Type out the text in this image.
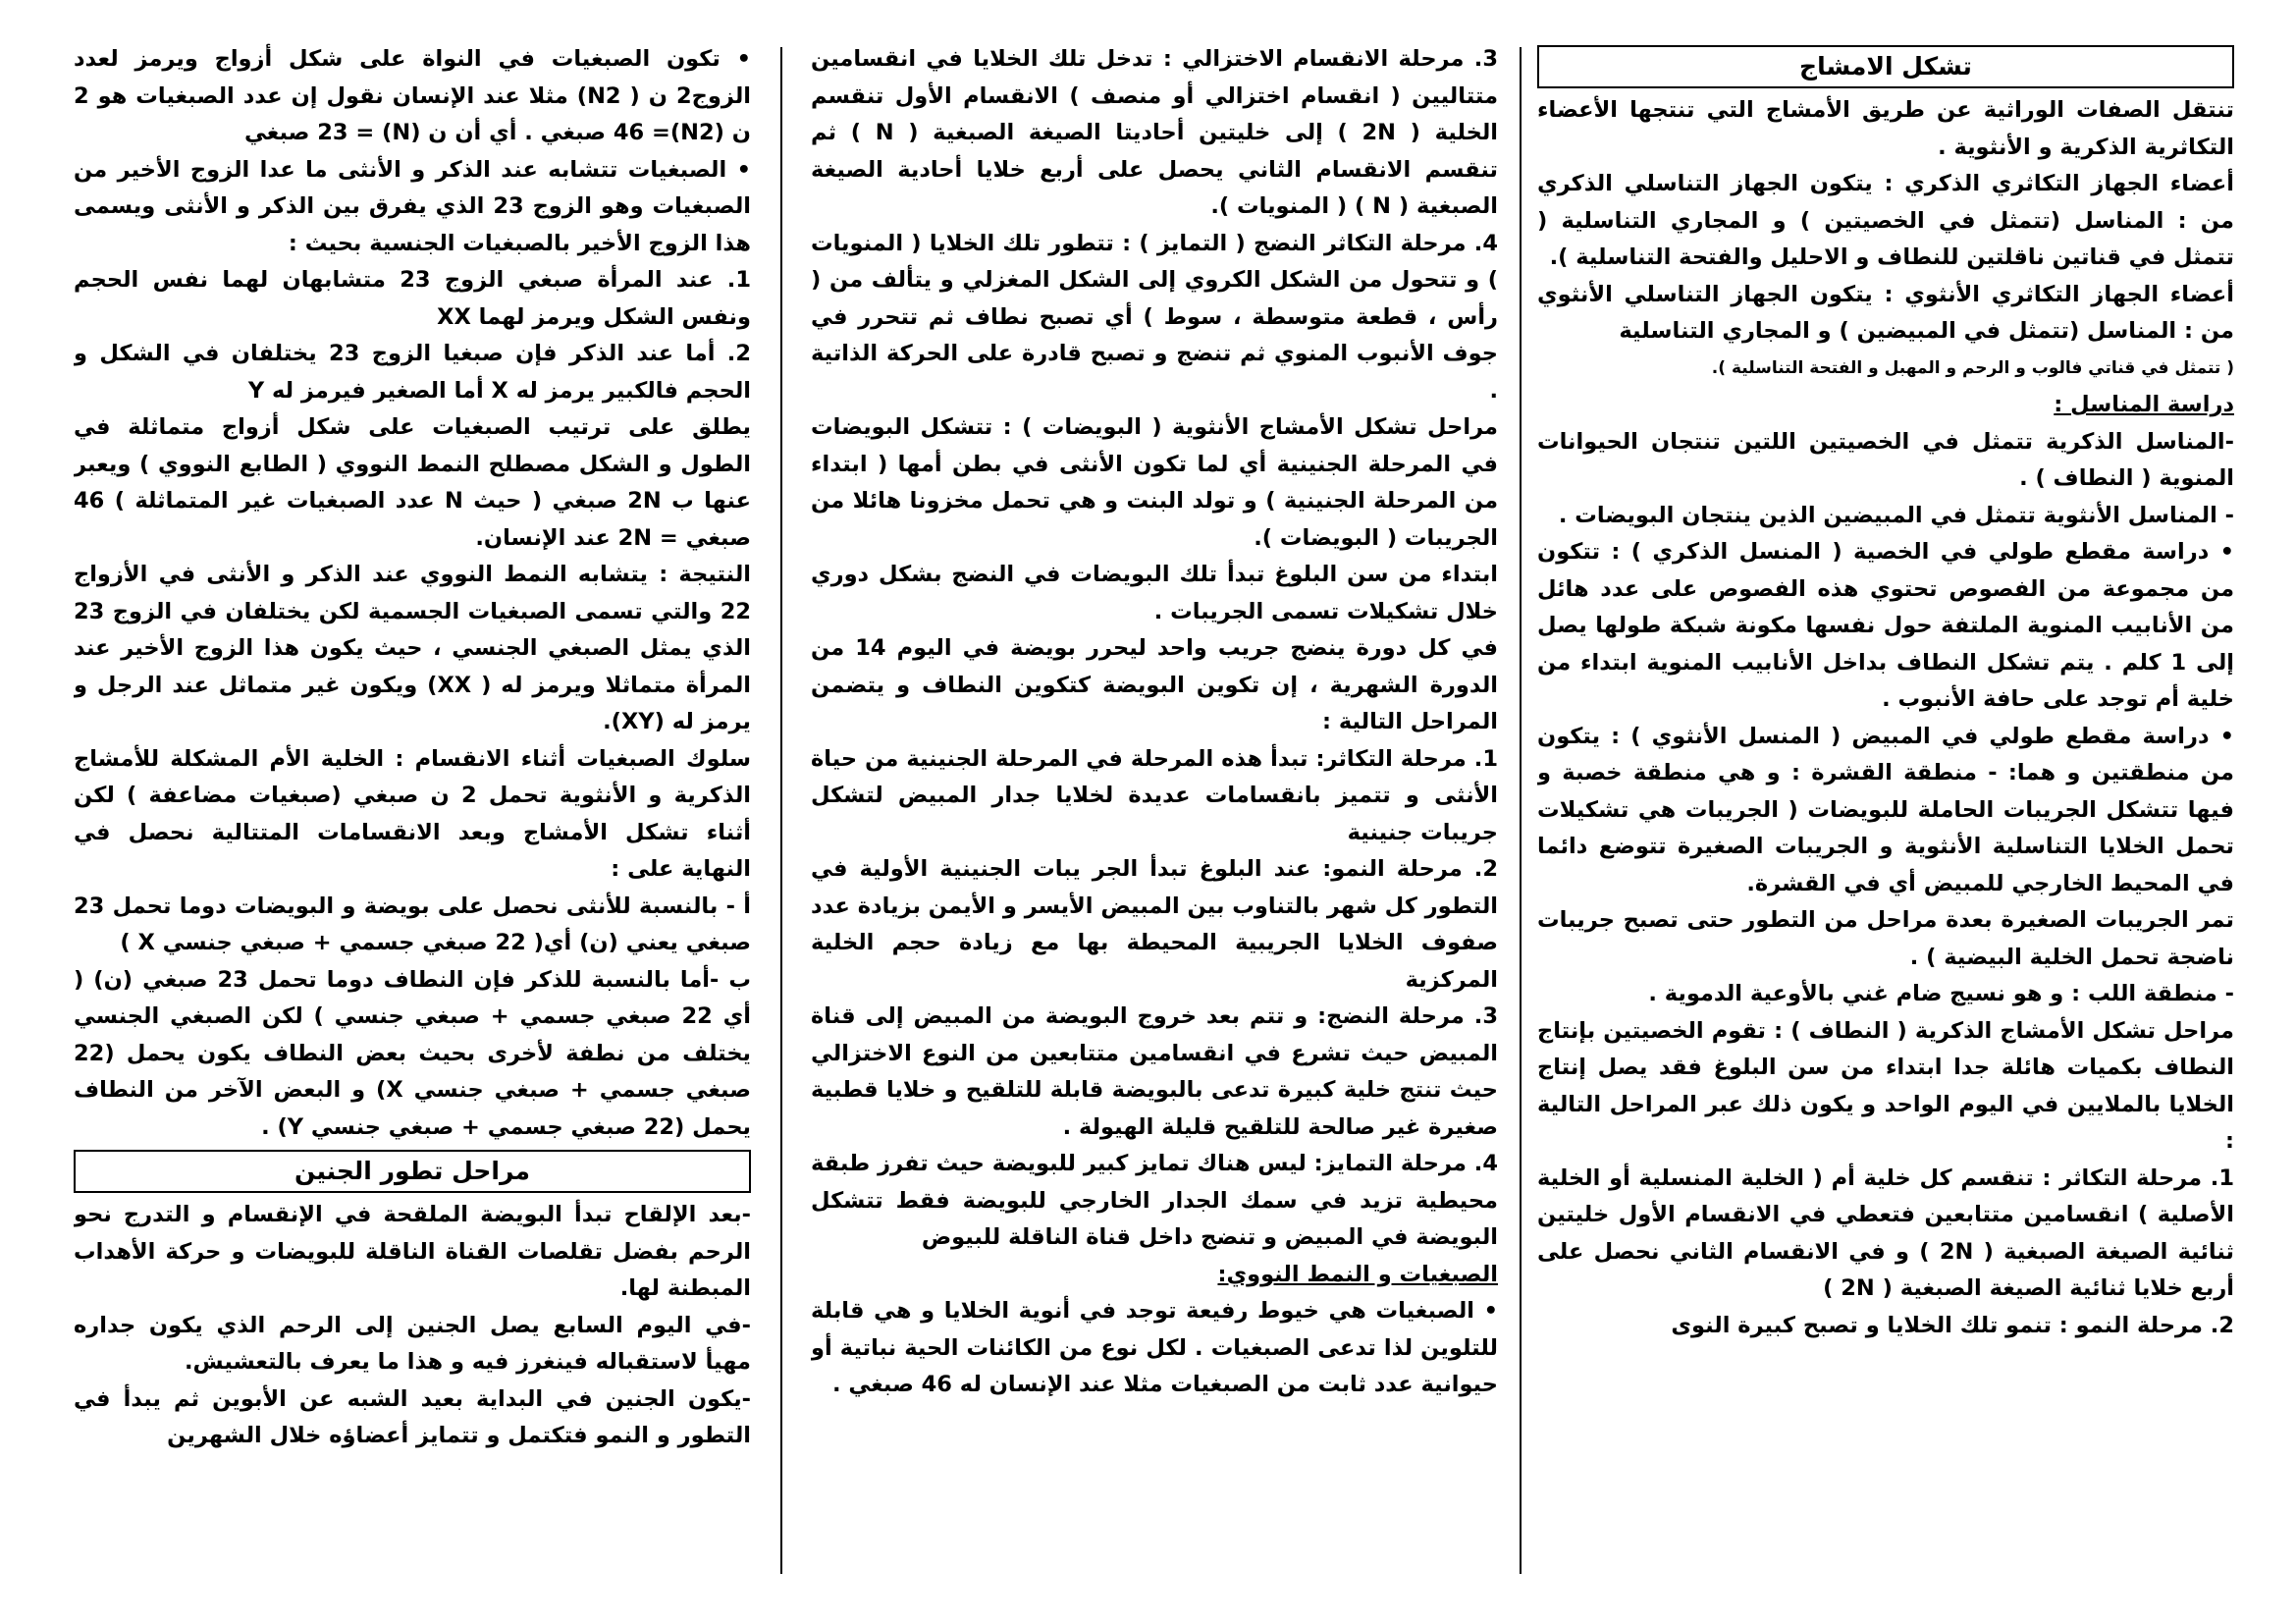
تشكل الامشاج

تنتقل الصفات الوراثية عن طريق الأمشاج التي تنتجها الأعضاء التكاثرية الذكرية و الأنثوية .

أعضاء الجهاز التكاثري الذكري : يتكون الجهاز التناسلي الذكري من : المناسل (تتمثل في الخصيتين ) و المجاري التناسلية ( تتمثل في قناتين ناقلتين للنطاف و الاحليل والفتحة التناسلية ).

أعضاء الجهاز التكاثري الأنثوي : يتكون الجهاز التناسلي الأنثوي من : المناسل (تتمثل في المبيضين ) و المجاري التناسلية

( تتمثل في قناتي فالوب و الرحم و المهبل و الفتحة التناسلية ).

دراسة المناسل :

-المناسل الذكرية تتمثل في الخصيتين اللتين تنتجان الحيوانات المنوية ( النطاف ) .

- المناسل الأنثوية تتمثل في المبيضين الذين ينتجان البويضات .

• دراسة مقطع طولي في الخصية ( المنسل الذكري ) : تتكون من مجموعة من الفصوص تحتوي هذه الفصوص على عدد هائل من الأنابيب المنوية الملتفة حول نفسها مكونة شبكة طولها يصل إلى 1 كلم . يتم تشكل النطاف بداخل الأنابيب المنوية ابتداء من خلية أم توجد على حافة الأنبوب .

• دراسة مقطع طولي في المبيض ( المنسل الأنثوي ) : يتكون من منطقتين و هما: - منطقة القشرة : و هي منطقة خصبة و فيها تتشكل الجريبات الحاملة للبويضات ( الجريبات هي تشكيلات تحمل الخلايا التناسلية الأنثوية و الجريبات الصغيرة تتوضع دائما في المحيط الخارجي للمبيض أي في القشرة.

تمر الجريبات الصغيرة بعدة مراحل من التطور حتى تصبح جريبات ناضجة تحمل الخلية البيضية ) .

- منطقة اللب : و هو نسيج ضام غني بالأوعية الدموية .

مراحل تشكل الأمشاج الذكرية ( النطاف ) : تقوم الخصيتين بإنتاج النطاف بكميات هائلة جدا ابتداء من سن البلوغ فقد يصل إنتاج الخلايا بالملايين في اليوم الواحد و يكون ذلك عبر المراحل التالية :

1. مرحلة التكاثر : تنقسم كل خلية أم ( الخلية المنسلية أو الخلية الأصلية ) انقسامين متتابعين فتعطي في الانقسام الأول خليتين ثنائية الصيغة الصبغية ( 2N ) و في الانقسام الثاني نحصل على أربع خلايا ثنائية الصيغة الصبغية ( 2N )

2. مرحلة النمو : تنمو تلك الخلايا و تصبح كبيرة النوى

3. مرحلة الانقسام الاختزالي : تدخل تلك الخلايا في انقسامين متتاليين ( انقسام اختزالي أو منصف ) الانقسام الأول تنقسم الخلية ( 2N ) إلى خليتين أحاديتا الصيغة الصبغية ( N ) ثم تنقسم الانقسام الثاني يحصل على أربع خلايا أحادية الصيغة الصبغية ( N ) ( المنويات ).

4. مرحلة التكاثر النضج ( التمايز ) : تتطور تلك الخلايا ( المنويات ) و تتحول من الشكل الكروي إلى الشكل المغزلي و يتألف من ( رأس ، قطعة متوسطة ، سوط ) أي تصبح نطاف ثم تتحرر في جوف الأنبوب المنوي ثم تنضج و تصبح قادرة على الحركة الذاتية .

مراحل تشكل الأمشاج الأنثوية ( البويضات ) : تتشكل البويضات في المرحلة الجنينية أي لما تكون الأنثى في بطن أمها ( ابتداء من المرحلة الجنينية ) و تولد البنت و هي تحمل مخزونا هائلا من الجريبات ( البويضات ).

ابتداء من سن البلوغ تبدأ تلك البويضات في النضج بشكل دوري خلال تشكيلات تسمى الجريبات .

في كل دورة ينضج جريب واحد ليحرر بويضة في اليوم 14 من الدورة الشهرية ، إن تكوين البويضة كتكوين النطاف و يتضمن المراحل التالية :

1. مرحلة التكاثر: تبدأ هذه المرحلة في المرحلة الجنينية من حياة الأنثى و تتميز بانقسامات عديدة لخلايا جدار المبيض لتشكل جريبات جنينية

2. مرحلة النمو: عند البلوغ تبدأ الجر يبات الجنينية الأولية في التطور كل شهر بالتناوب بين المبيض الأيسر و الأيمن بزيادة عدد صفوف الخلايا الجريبية المحيطة بها مع زيادة حجم الخلية المركزية

3. مرحلة النضج: و تتم بعد خروج البويضة من المبيض إلى قناة المبيض حيث تشرع في انقسامين متتابعين من النوع الاختزالي حيث تنتج خلية كبيرة تدعى بالبويضة قابلة للتلقيح و خلايا قطبية صغيرة غير صالحة للتلقيح قليلة الهيولة .

4. مرحلة التمايز: ليس هناك تمايز كبير للبويضة حيث تفرز طبقة محيطية تزيد في سمك الجدار الخارجي للبويضة فقط تتشكل البويضة في المبيض و تنضج داخل قناة الناقلة للبيوض

الصبغيات و النمط النووي:

• الصبغيات هي خيوط رفيعة توجد في أنوية الخلايا و هي قابلة للتلوين لذا تدعى الصبغيات . لكل نوع من الكائنات الحية نباتية أو حيوانية عدد ثابت من الصبغيات مثلا عند الإنسان له 46 صبغي .

• تكون الصبغيات في النواة على شكل أزواج ويرمز لعدد الزوج2 ن ( N2) مثلا عند الإنسان نقول إن عدد الصبغيات هو 2 ن (N2)= 46 صبغي . أي أن ن (N) = 23 صبغي

• الصبغيات تتشابه عند الذكر و الأنثى ما عدا الزوج الأخير من الصبغيات وهو الزوج 23 الذي يفرق بين الذكر و الأنثى ويسمى هذا الزوج الأخير بالصبغيات الجنسية بحيث :

1. عند المرأة صبغي الزوج 23 متشابهان لهما نفس الحجم ونفس الشكل ويرمز لهما XX

2. أما عند الذكر فإن صبغيا الزوج 23 يختلفان في الشكل و الحجم فالكبير يرمز له X أما الصغير فيرمز له Y

يطلق على ترتيب الصبغيات على شكل أزواج متماثلة في الطول و الشكل مصطلح النمط النووي ( الطابع النووي ) ويعبر عنها ب 2N صبغي ( حيث N عدد الصبغيات غير المتماثلة ) 46 صبغي = 2N عند الإنسان.

النتيجة : يتشابه النمط النووي عند الذكر و الأنثى في الأزواج 22 والتي تسمى الصبغيات الجسمية لكن يختلفان في الزوج 23 الذي يمثل الصبغي الجنسي ، حيث يكون هذا الزوج الأخير عند المرأة متماثلا ويرمز له ( XX) ويكون غير متماثل عند الرجل و يرمز له (XY).

سلوك الصبغيات أثناء الانقسام : الخلية الأم المشكلة للأمشاج الذكرية و الأنثوية تحمل 2 ن صبغي (صبغيات مضاعفة ) لكن أثناء تشكل الأمشاج وبعد الانقسامات المتتالية نحصل في النهاية على :

أ - بالنسبة للأنثى نحصل على بويضة و البويضات دوما تحمل 23 صبغي يعني (ن) أي( 22 صبغي جسمي + صبغي جنسي X )

ب -أما بالنسبة للذكر فإن النطاف دوما تحمل 23 صبغي (ن) ( أي 22 صبغي جسمي + صبغي جنسي ) لكن الصبغي الجنسي يختلف من نطفة لأخرى بحيث بعض النطاف يكون يحمل (22 صبغي جسمي + صبغي جنسي X) و البعض الآخر من النطاف يحمل (22 صبغي جسمي + صبغي جنسي Y) .

مراحل تطور الجنين

-بعد الإلقاح تبدأ البويضة الملقحة في الإنقسام و التدرج نحو الرحم بفضل تقلصات القناة الناقلة للبويضات و حركة الأهداب المبطنة لها.

-في اليوم السابع يصل الجنين إلى الرحم الذي يكون جداره مهيأ لاستقباله فينغرز فيه و هذا ما يعرف بالتعشيش.

-يكون الجنين في البداية بعيد الشبه عن الأبوين ثم يبدأ في التطور و النمو فتكتمل و تتمايز أعضاؤه خلال الشهرين
